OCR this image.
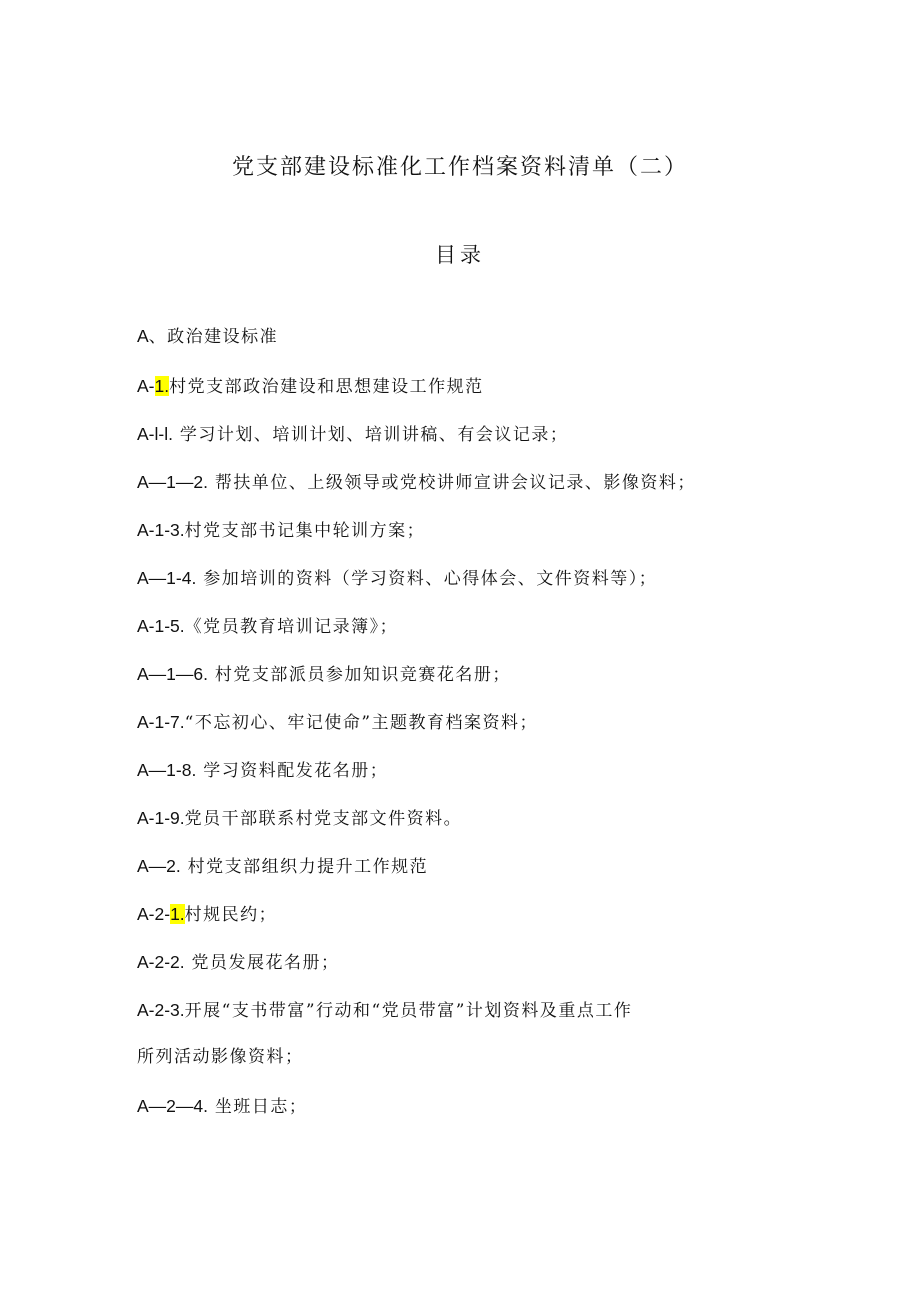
党支部建设标准化工作档案资料清单（二）
目录
A、政治建设标准
A-1.村党支部政治建设和思想建设工作规范
A-l-l. 学习计划、培训计划、培训讲稿、有会议记录；
A—1—2. 帮扶单位、上级领导或党校讲师宣讲会议记录、影像资料；
A-1-3.村党支部书记集中轮训方案；
A—1-4. 参加培训的资料（学习资料、心得体会、文件资料等）；
A-1-5.《党员教育培训记录簿》；
A—1—6. 村党支部派员参加知识竞赛花名册；
A-1-7.“不忘初心、牢记使命”主题教育档案资料；
A—1-8. 学习资料配发花名册；
A-1-9.党员干部联系村党支部文件资料。
A—2. 村党支部组织力提升工作规范
A-2-1.村规民约；
A-2-2. 党员发展花名册；
A-2-3.开展“支书带富”行动和“党员带富”计划资料及重点工作
所列活动影像资料；
A—2—4. 坐班日志；
